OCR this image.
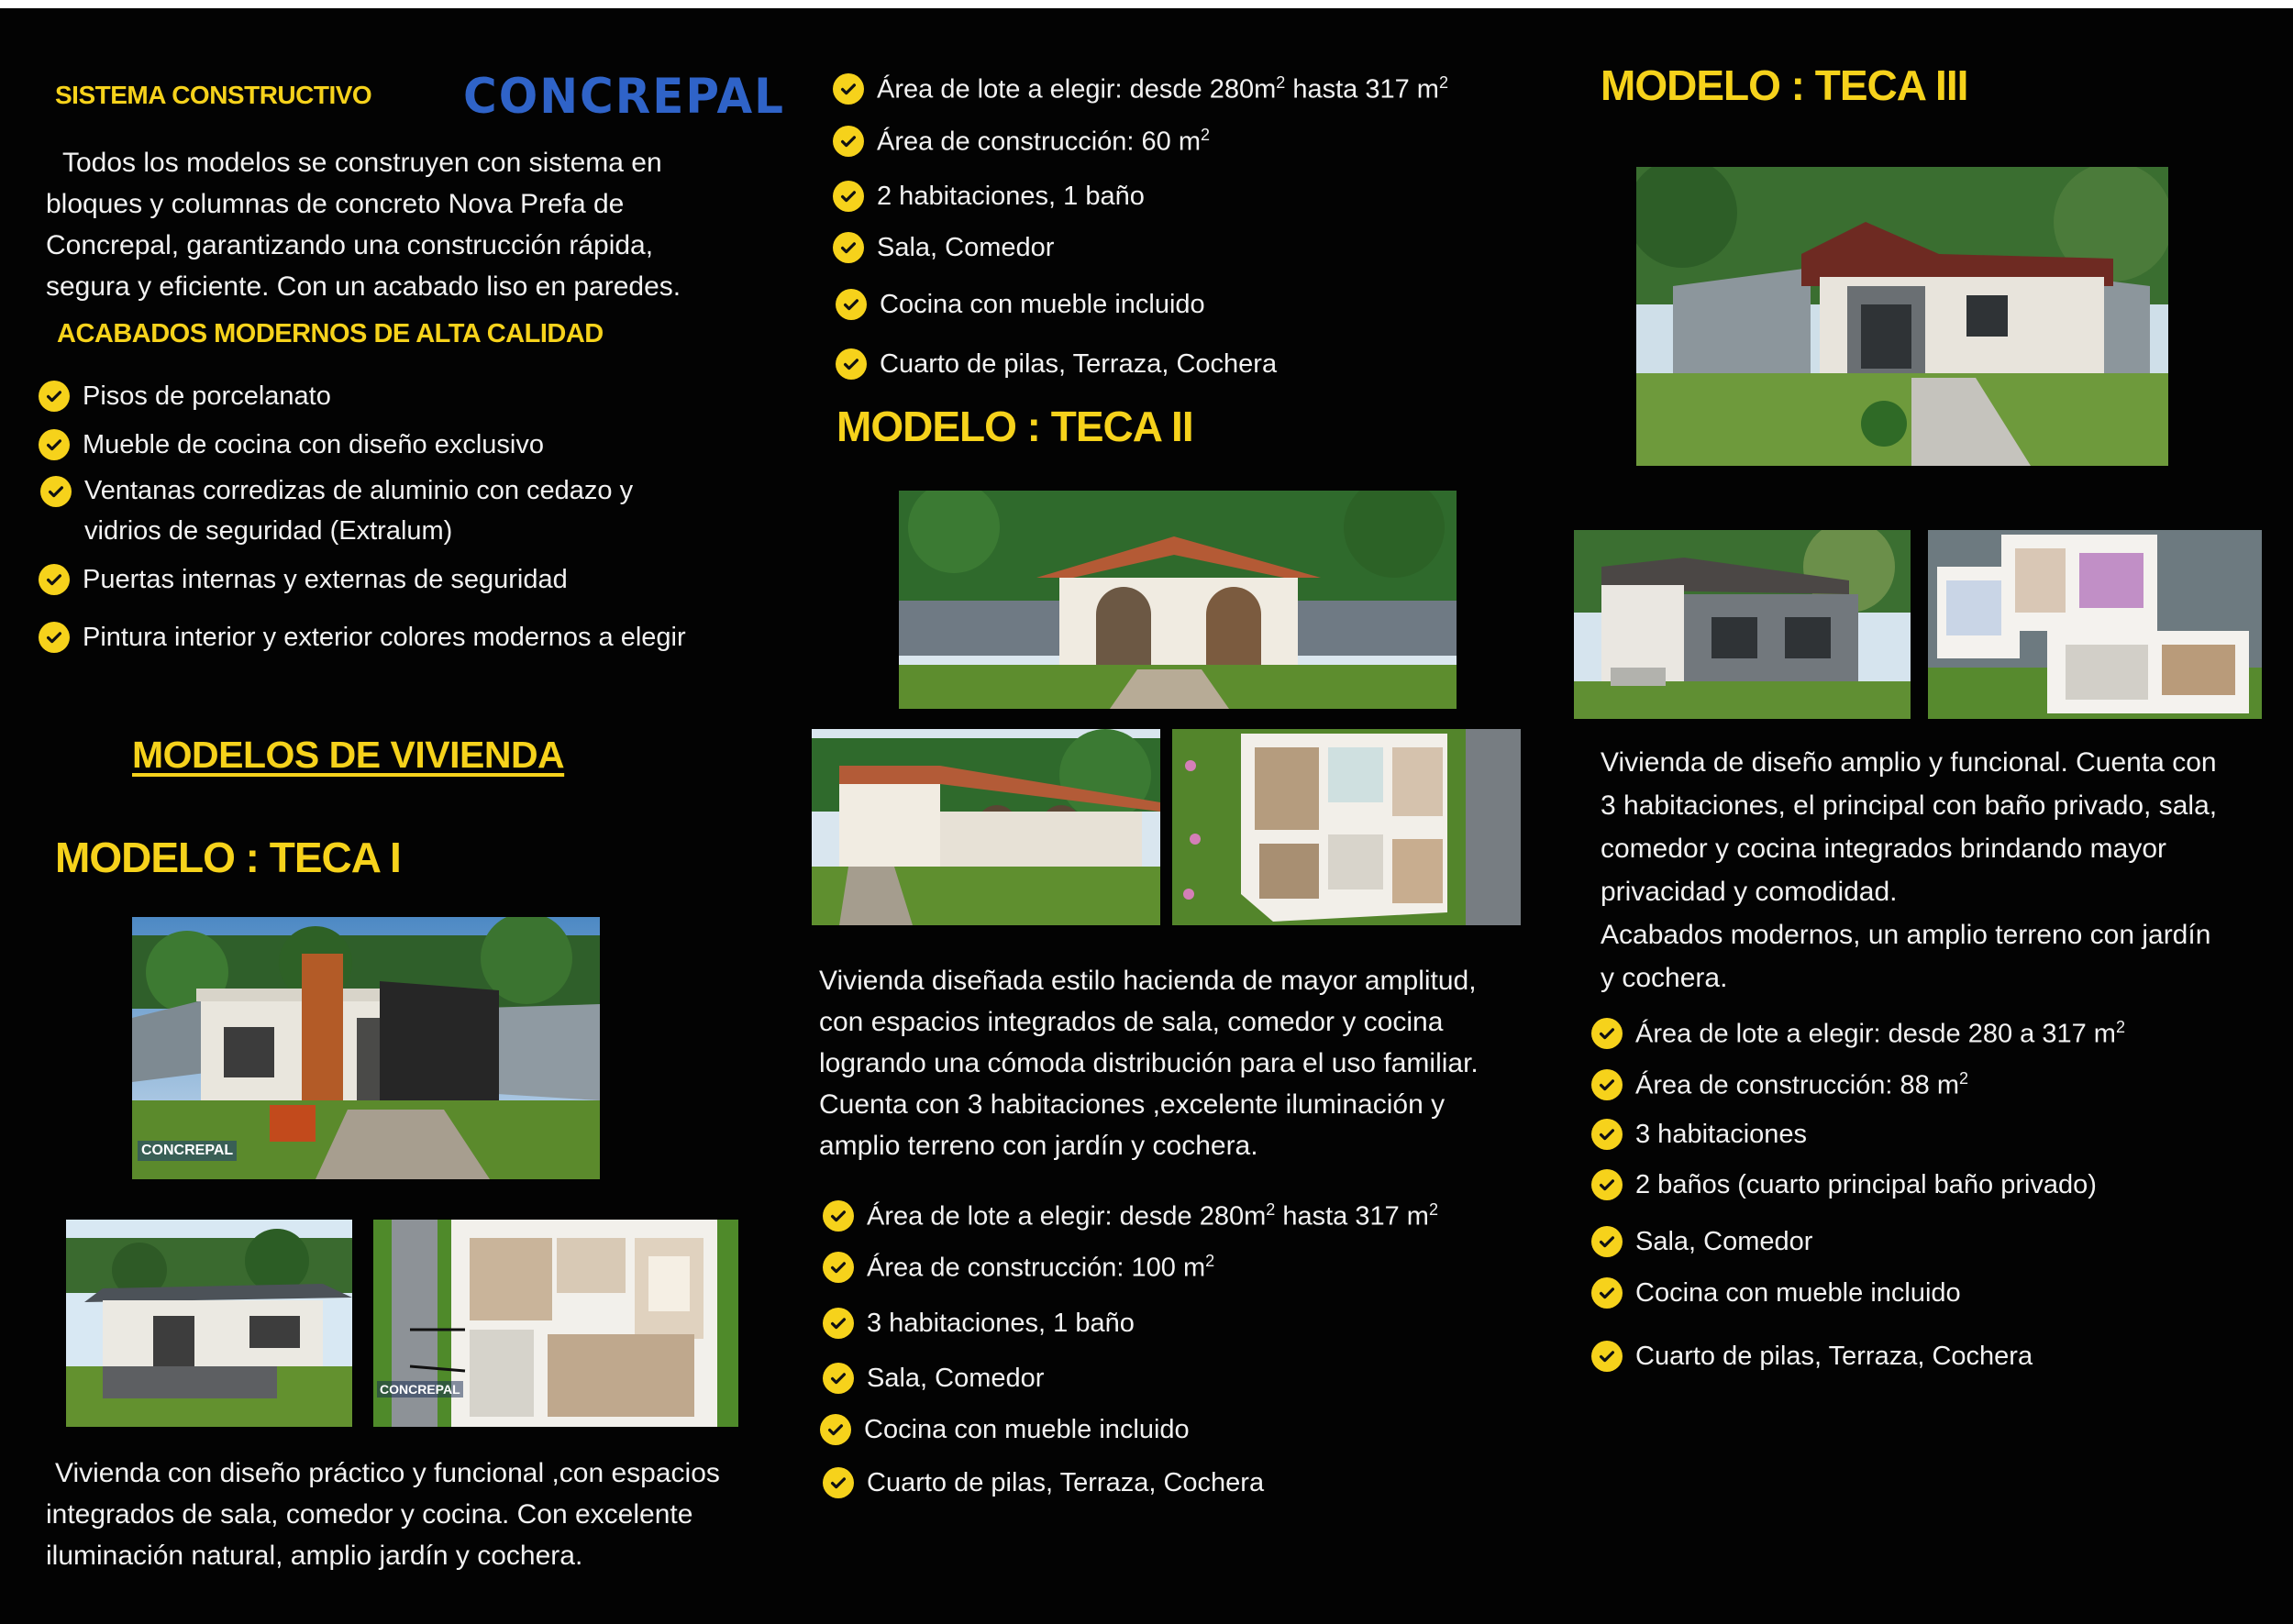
SISTEMA CONSTRUCTIVO CONCREPAL
Todos los modelos se construyen con sistema en
bloques y columnas de concreto Nova Prefa de
Concrepal, garantizando una construcción rápida,
segura y eficiente. Con un acabado liso en paredes.
ACABADOS MODERNOS DE ALTA CALIDAD
Pisos de porcelanato
Mueble de cocina con diseño exclusivo
Ventanas corredizas de aluminio con cedazo y
vidrios de seguridad (Extralum)
Puertas internas y externas de seguridad
Pintura interior y exterior colores modernos a elegir
MODELOS DE VIVIENDA
MODELO : TECA I
CONCREPAL
CONCREPAL
Vivienda con diseño práctico y funcional ,con espacios
integrados de sala, comedor y cocina. Con excelente
iluminación natural, amplio jardín y cochera.
Área de lote a elegir: desde $280m^2$ hasta 317 $m^2$
Área de construcción: 60 $m^2$
2 habitaciones, 1 baño
Sala, Comedor
Cocina con mueble incluido
Cuarto de pilas, Terraza, Cochera
MODELO : TECA II
Vivienda diseñada estilo hacienda de mayor amplitud,
con espacios integrados de sala, comedor y cocina
logrando una cómoda distribución para el uso familiar.
Cuenta con 3 habitaciones ,excelente iluminación y
amplio terreno con jardín y cochera.
Área de lote a elegir: desde $280m^2$ hasta 317 $m^2$
Área de construcción: 100 $m^2$
3 habitaciones, 1 baño
Sala, Comedor
Cocina con mueble incluido
Cuarto de pilas, Terraza, Cochera
MODELO : TECA III
Vivienda de diseño amplio y funcional. Cuenta con
3 habitaciones, el principal con baño privado, sala,
comedor y cocina integrados brindando mayor
privacidad y comodidad.
Acabados modernos, un amplio terreno con jardín
y cochera.
Área de lote a elegir: desde 280 a 317 $m^2$
Área de construcción: 88 $m^2$
3 habitaciones
2 baños (cuarto principal baño privado)
Sala, Comedor
Cocina con mueble incluido
Cuarto de pilas, Terraza, Cochera
